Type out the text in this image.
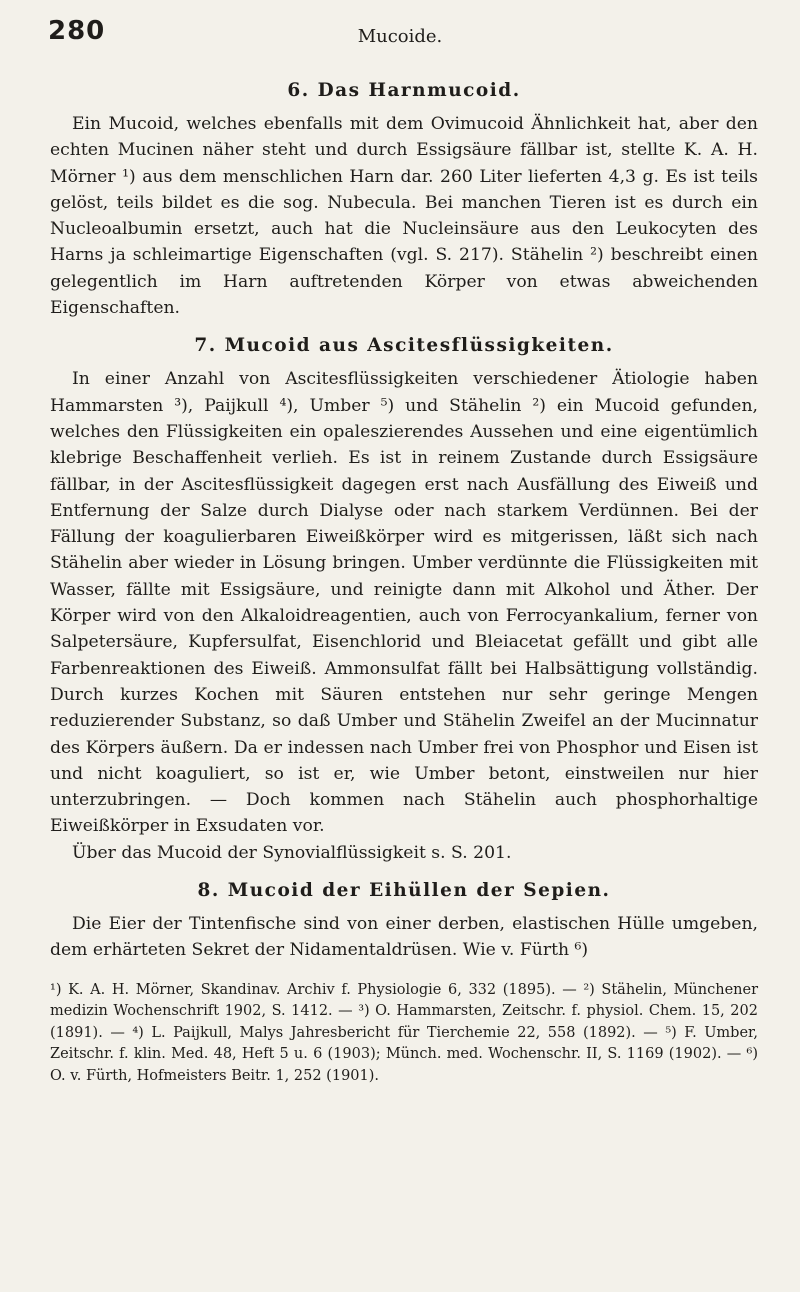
280	Mucoide.
6. Das Harnmucoid.

Ein Mucoid, welches ebenfalls mit dem Ovimucoid Ähnlichkeit hat, aber den echten Mucinen näher steht und durch Essigsäure fällbar ist, stellte K. A. H. Mörner ¹) aus dem menschlichen Harn dar. 260 Liter lieferten 4,3 g. Es ist teils gelöst, teils bildet es die sog. Nubecula. Bei manchen Tieren ist es durch ein Nucleoalbumin ersetzt, auch hat die Nucleinsäure aus den Leukocyten des Harns ja schleimartige Eigenschaften (vgl. S. 217). Stähelin ²) beschreibt einen gelegentlich im Harn auftretenden Körper von etwas abweichenden Eigenschaften.

7. Mucoid aus Ascitesflüssigkeiten.

In einer Anzahl von Ascitesflüssigkeiten verschiedener Ätiologie haben Hammarsten ³), Paijkull ⁴), Umber ⁵) und Stähelin ²) ein Mucoid gefunden, welches den Flüssigkeiten ein opaleszierendes Aussehen und eine eigentümlich klebrige Beschaffenheit verlieh. Es ist in reinem Zustande durch Essigsäure fällbar, in der Ascitesflüssigkeit dagegen erst nach Ausfällung des Eiweiß und Entfernung der Salze durch Dialyse oder nach starkem Verdünnen. Bei der Fällung der koagulierbaren Eiweißkörper wird es mitgerissen, läßt sich nach Stähelin aber wieder in Lösung bringen. Umber verdünnte die Flüssigkeiten mit Wasser, fällte mit Essigsäure, und reinigte dann mit Alkohol und Äther. Der Körper wird von den Alkaloidreagentien, auch von Ferrocyankalium, ferner von Salpetersäure, Kupfersulfat, Eisenchlorid und Bleiacetat gefällt und gibt alle Farbenreaktionen des Eiweiß. Ammonsulfat fällt bei Halbsättigung vollständig. Durch kurzes Kochen mit Säuren entstehen nur sehr geringe Mengen reduzierender Substanz, so daß Umber und Stähelin Zweifel an der Mucinnatur des Körpers äußern. Da er indessen nach Umber frei von Phosphor und Eisen ist und nicht koaguliert, so ist er, wie Umber betont, einstweilen nur hier unterzubringen. — Doch kommen nach Stähelin auch phosphorhaltige Eiweißkörper in Exsudaten vor.

Über das Mucoid der Synovialflüssigkeit s. S. 201.

8. Mucoid der Eihüllen der Sepien.

Die Eier der Tintenfische sind von einer derben, elastischen Hülle umgeben, dem erhärteten Sekret der Nidamentaldrüsen. Wie v. Fürth ⁶)

¹) K. A. H. Mörner, Skandinav. Archiv f. Physiologie 6, 332 (1895). — ²) Stähelin, Münchener medizin Wochenschrift 1902, S. 1412. — ³) O. Hammarsten, Zeitschr. f. physiol. Chem. 15, 202 (1891). — ⁴) L. Paijkull, Malys Jahresbericht für Tierchemie 22, 558 (1892). — ⁵) F. Umber, Zeitschr. f. klin. Med. 48, Heft 5 u. 6 (1903); Münch. med. Wochenschr. II, S. 1169 (1902). — ⁶) O. v. Fürth, Hofmeisters Beitr. 1, 252 (1901).
